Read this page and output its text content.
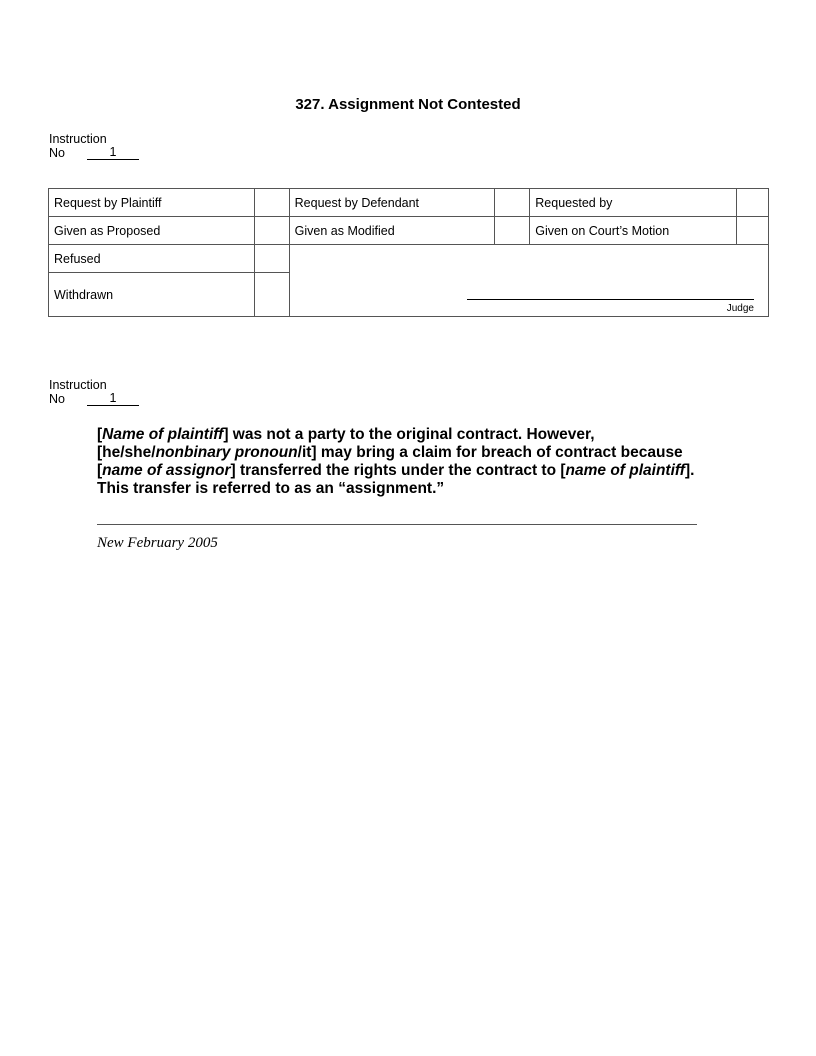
327. Assignment Not Contested
Instruction
No	1
Request by Plaintiff		Request by Defendant		Requested by	
Given as Proposed		Given as Modified		Given on Court’s Motion	
Refused		Judge			

Withdrawn					
Instruction
No	1
[Name of plaintiff] was not a party to the original contract. However, [he/she/nonbinary pronoun/it] may bring a claim for breach of contract because [name of assignor] transferred the rights under the contract to [name of plaintiff]. This transfer is referred to as an “assignment.”
New February 2005
